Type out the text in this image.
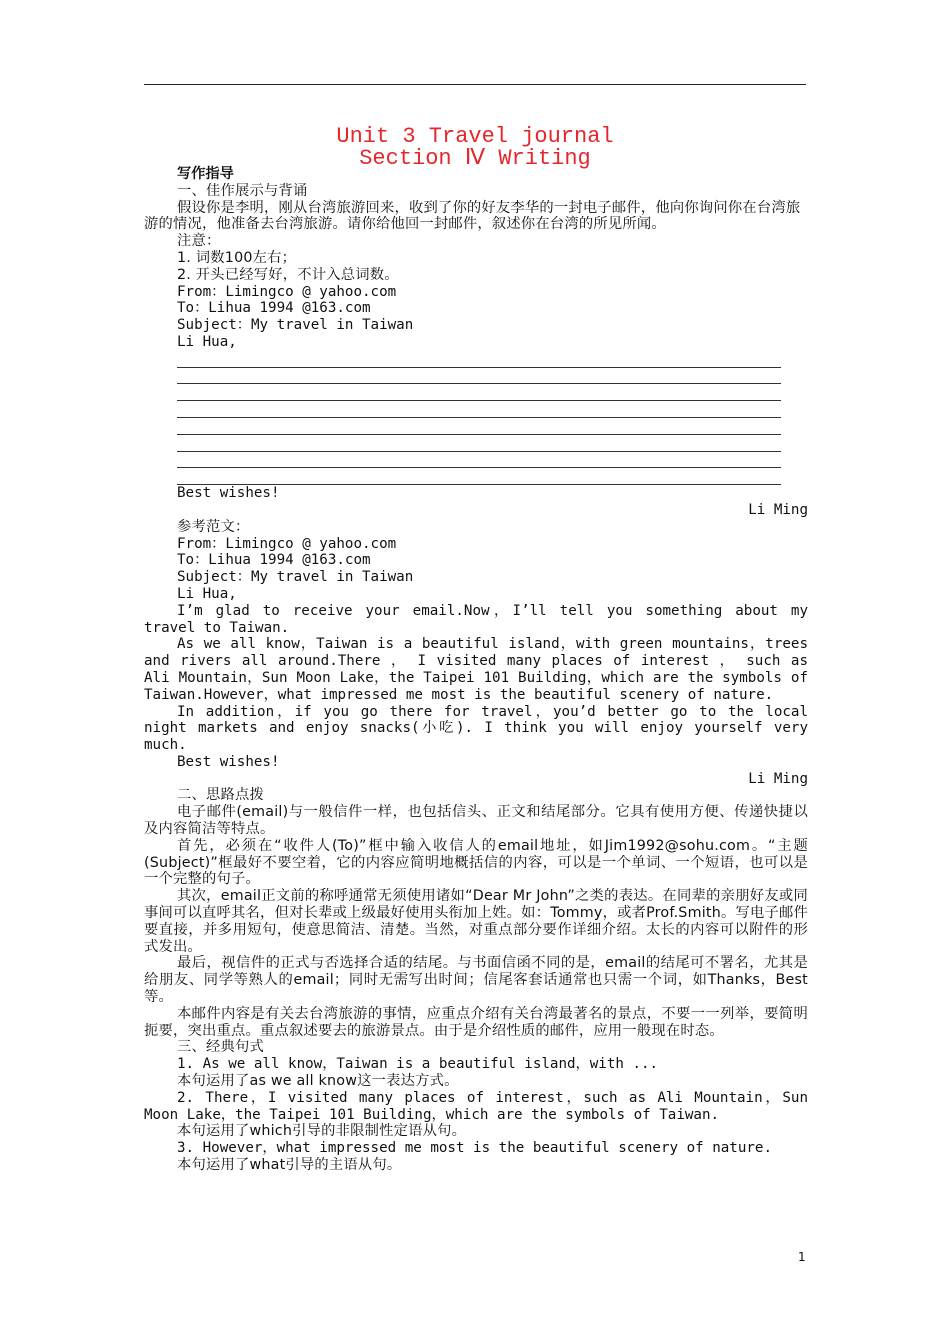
Unit 3 Travel journal
Section Ⅳ Writing

写作指导

一、佳作展示与背诵

假设你是李明，刚从台湾旅游回来，收到了你的好友李华的一封电子邮件，他向你询问你在台湾旅游的情况，他准备去台湾旅游。请你给他回一封邮件，叙述你在台湾的所见所闻。

注意：

1. 词数100左右；

2. 开头已经写好，不计入总词数。

From：Limingco @ yahoo.com

To：Lihua 1994 @163.com

Subject：My travel in Taiwan

Li Hua,

Best wishes!

Li Ming

参考范文：

From：Limingco @ yahoo.com

To：Lihua 1994 @163.com

Subject：My travel in Taiwan

Li Hua,

I’m glad to receive your email.Now，I’ll tell you something about my travel to Taiwan.

As we all know，Taiwan is a beautiful island，with green mountains，trees and rivers all around.There ， I visited many places of interest ， such as Ali Mountain，Sun Moon Lake，the Taipei 101 Building，which are the symbols of Taiwan.However，what impressed me most is the beautiful scenery of nature.

In addition，if you go there for travel，you’d better go to the local night markets and enjoy snacks(小吃). I think you will enjoy yourself very much.

Best wishes!

Li Ming

二、思路点拨

电子邮件(email)与一般信件一样，也包括信头、正文和结尾部分。它具有使用方便、传递快捷以及内容简洁等特点。

首先，必须在“收件人(To)”框中输入收信人的email地址，如Jim1992@sohu.com。“主题(Subject)”框最好不要空着，它的内容应简明地概括信的内容，可以是一个单词、一个短语，也可以是一个完整的句子。

其次，email正文前的称呼通常无须使用诸如“Dear Mr John”之类的表达。在同辈的亲朋好友或同事间可以直呼其名，但对长辈或上级最好使用头衔加上姓。如：Tommy，或者Prof.Smith。写电子邮件要直接，并多用短句，使意思简洁、清楚。当然，对重点部分要作详细介绍。太长的内容可以附件的形式发出。

最后，视信件的正式与否选择合适的结尾。与书面信函不同的是，email的结尾可不署名，尤其是给朋友、同学等熟人的email；同时无需写出时间；信尾客套话通常也只需一个词，如Thanks，Best等。

本邮件内容是有关去台湾旅游的事情，应重点介绍有关台湾最著名的景点，不要一一列举，要简明扼要，突出重点。重点叙述要去的旅游景点。由于是介绍性质的邮件，应用一般现在时态。

三、经典句式

1. As we all know，Taiwan is a beautiful island，with ...

本句运用了as we all know这一表达方式。

2. There，I visited many places of interest，such as Ali Mountain，Sun Moon Lake，the Taipei 101 Building，which are the symbols of Taiwan.

本句运用了which引导的非限制性定语从句。

3. However，what impressed me most is the beautiful scenery of nature.

本句运用了what引导的主语从句。

1
